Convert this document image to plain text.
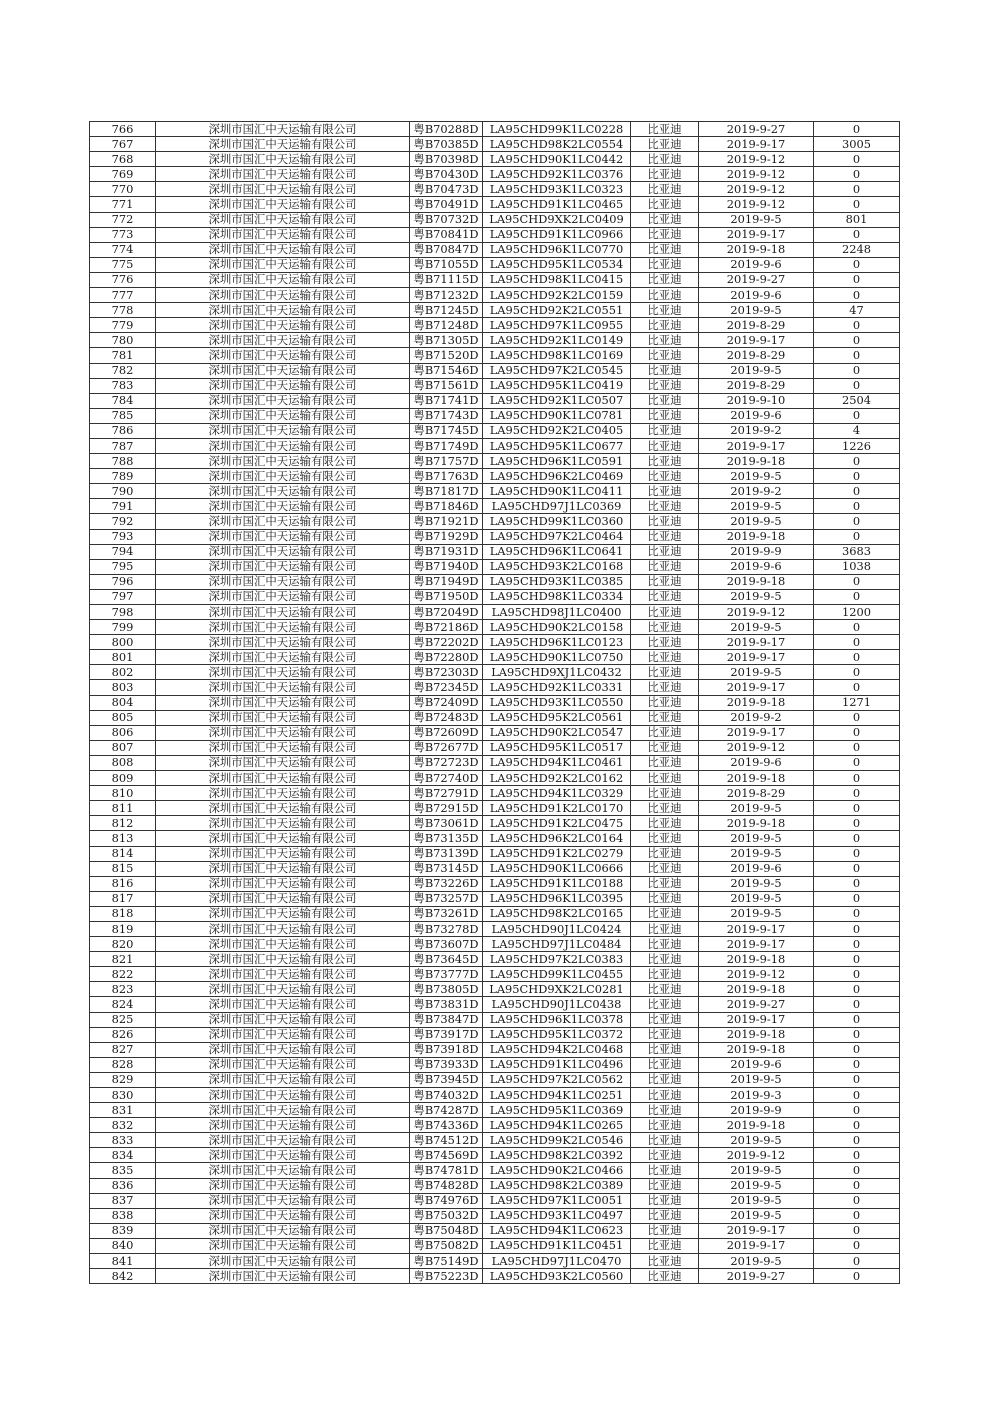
766	深圳市国汇中天运输有限公司	粤B70288D	LA95CHD99K1LC0228	比亚迪	2019-9-27	0
767	深圳市国汇中天运输有限公司	粤B70385D	LA95CHD98K2LC0554	比亚迪	2019-9-17	3005
768	深圳市国汇中天运输有限公司	粤B70398D	LA95CHD90K1LC0442	比亚迪	2019-9-12	0
769	深圳市国汇中天运输有限公司	粤B70430D	LA95CHD92K1LC0376	比亚迪	2019-9-12	0
770	深圳市国汇中天运输有限公司	粤B70473D	LA95CHD93K1LC0323	比亚迪	2019-9-12	0
771	深圳市国汇中天运输有限公司	粤B70491D	LA95CHD91K1LC0465	比亚迪	2019-9-12	0
772	深圳市国汇中天运输有限公司	粤B70732D	LA95CHD9XK2LC0409	比亚迪	2019-9-5	801
773	深圳市国汇中天运输有限公司	粤B70841D	LA95CHD91K1LC0966	比亚迪	2019-9-17	0
774	深圳市国汇中天运输有限公司	粤B70847D	LA95CHD96K1LC0770	比亚迪	2019-9-18	2248
775	深圳市国汇中天运输有限公司	粤B71055D	LA95CHD95K1LC0534	比亚迪	2019-9-6	0
776	深圳市国汇中天运输有限公司	粤B71115D	LA95CHD98K1LC0415	比亚迪	2019-9-27	0
777	深圳市国汇中天运输有限公司	粤B71232D	LA95CHD92K2LC0159	比亚迪	2019-9-6	0
778	深圳市国汇中天运输有限公司	粤B71245D	LA95CHD92K2LC0551	比亚迪	2019-9-5	47
779	深圳市国汇中天运输有限公司	粤B71248D	LA95CHD97K1LC0955	比亚迪	2019-8-29	0
780	深圳市国汇中天运输有限公司	粤B71305D	LA95CHD92K1LC0149	比亚迪	2019-9-17	0
781	深圳市国汇中天运输有限公司	粤B71520D	LA95CHD98K1LC0169	比亚迪	2019-8-29	0
782	深圳市国汇中天运输有限公司	粤B71546D	LA95CHD97K2LC0545	比亚迪	2019-9-5	0
783	深圳市国汇中天运输有限公司	粤B71561D	LA95CHD95K1LC0419	比亚迪	2019-8-29	0
784	深圳市国汇中天运输有限公司	粤B71741D	LA95CHD92K1LC0507	比亚迪	2019-9-10	2504
785	深圳市国汇中天运输有限公司	粤B71743D	LA95CHD90K1LC0781	比亚迪	2019-9-6	0
786	深圳市国汇中天运输有限公司	粤B71745D	LA95CHD92K2LC0405	比亚迪	2019-9-2	4
787	深圳市国汇中天运输有限公司	粤B71749D	LA95CHD95K1LC0677	比亚迪	2019-9-17	1226
788	深圳市国汇中天运输有限公司	粤B71757D	LA95CHD96K1LC0591	比亚迪	2019-9-18	0
789	深圳市国汇中天运输有限公司	粤B71763D	LA95CHD96K2LC0469	比亚迪	2019-9-5	0
790	深圳市国汇中天运输有限公司	粤B71817D	LA95CHD90K1LC0411	比亚迪	2019-9-2	0
791	深圳市国汇中天运输有限公司	粤B71846D	LA95CHD97J1LC0369	比亚迪	2019-9-5	0
792	深圳市国汇中天运输有限公司	粤B71921D	LA95CHD99K1LC0360	比亚迪	2019-9-5	0
793	深圳市国汇中天运输有限公司	粤B71929D	LA95CHD97K2LC0464	比亚迪	2019-9-18	0
794	深圳市国汇中天运输有限公司	粤B71931D	LA95CHD96K1LC0641	比亚迪	2019-9-9	3683
795	深圳市国汇中天运输有限公司	粤B71940D	LA95CHD93K2LC0168	比亚迪	2019-9-6	1038
796	深圳市国汇中天运输有限公司	粤B71949D	LA95CHD93K1LC0385	比亚迪	2019-9-18	0
797	深圳市国汇中天运输有限公司	粤B71950D	LA95CHD98K1LC0334	比亚迪	2019-9-5	0
798	深圳市国汇中天运输有限公司	粤B72049D	LA95CHD98J1LC0400	比亚迪	2019-9-12	1200
799	深圳市国汇中天运输有限公司	粤B72186D	LA95CHD90K2LC0158	比亚迪	2019-9-5	0
800	深圳市国汇中天运输有限公司	粤B72202D	LA95CHD96K1LC0123	比亚迪	2019-9-17	0
801	深圳市国汇中天运输有限公司	粤B72280D	LA95CHD90K1LC0750	比亚迪	2019-9-17	0
802	深圳市国汇中天运输有限公司	粤B72303D	LA95CHD9XJ1LC0432	比亚迪	2019-9-5	0
803	深圳市国汇中天运输有限公司	粤B72345D	LA95CHD92K1LC0331	比亚迪	2019-9-17	0
804	深圳市国汇中天运输有限公司	粤B72409D	LA95CHD93K1LC0550	比亚迪	2019-9-18	1271
805	深圳市国汇中天运输有限公司	粤B72483D	LA95CHD95K2LC0561	比亚迪	2019-9-2	0
806	深圳市国汇中天运输有限公司	粤B72609D	LA95CHD90K2LC0547	比亚迪	2019-9-17	0
807	深圳市国汇中天运输有限公司	粤B72677D	LA95CHD95K1LC0517	比亚迪	2019-9-12	0
808	深圳市国汇中天运输有限公司	粤B72723D	LA95CHD94K1LC0461	比亚迪	2019-9-6	0
809	深圳市国汇中天运输有限公司	粤B72740D	LA95CHD92K2LC0162	比亚迪	2019-9-18	0
810	深圳市国汇中天运输有限公司	粤B72791D	LA95CHD94K1LC0329	比亚迪	2019-8-29	0
811	深圳市国汇中天运输有限公司	粤B72915D	LA95CHD91K2LC0170	比亚迪	2019-9-5	0
812	深圳市国汇中天运输有限公司	粤B73061D	LA95CHD91K2LC0475	比亚迪	2019-9-18	0
813	深圳市国汇中天运输有限公司	粤B73135D	LA95CHD96K2LC0164	比亚迪	2019-9-5	0
814	深圳市国汇中天运输有限公司	粤B73139D	LA95CHD91K2LC0279	比亚迪	2019-9-5	0
815	深圳市国汇中天运输有限公司	粤B73145D	LA95CHD90K1LC0666	比亚迪	2019-9-6	0
816	深圳市国汇中天运输有限公司	粤B73226D	LA95CHD91K1LC0188	比亚迪	2019-9-5	0
817	深圳市国汇中天运输有限公司	粤B73257D	LA95CHD96K1LC0395	比亚迪	2019-9-5	0
818	深圳市国汇中天运输有限公司	粤B73261D	LA95CHD98K2LC0165	比亚迪	2019-9-5	0
819	深圳市国汇中天运输有限公司	粤B73278D	LA95CHD90J1LC0424	比亚迪	2019-9-17	0
820	深圳市国汇中天运输有限公司	粤B73607D	LA95CHD97J1LC0484	比亚迪	2019-9-17	0
821	深圳市国汇中天运输有限公司	粤B73645D	LA95CHD97K2LC0383	比亚迪	2019-9-18	0
822	深圳市国汇中天运输有限公司	粤B73777D	LA95CHD99K1LC0455	比亚迪	2019-9-12	0
823	深圳市国汇中天运输有限公司	粤B73805D	LA95CHD9XK2LC0281	比亚迪	2019-9-18	0
824	深圳市国汇中天运输有限公司	粤B73831D	LA95CHD90J1LC0438	比亚迪	2019-9-27	0
825	深圳市国汇中天运输有限公司	粤B73847D	LA95CHD96K1LC0378	比亚迪	2019-9-17	0
826	深圳市国汇中天运输有限公司	粤B73917D	LA95CHD95K1LC0372	比亚迪	2019-9-18	0
827	深圳市国汇中天运输有限公司	粤B73918D	LA95CHD94K2LC0468	比亚迪	2019-9-18	0
828	深圳市国汇中天运输有限公司	粤B73933D	LA95CHD91K1LC0496	比亚迪	2019-9-6	0
829	深圳市国汇中天运输有限公司	粤B73945D	LA95CHD97K2LC0562	比亚迪	2019-9-5	0
830	深圳市国汇中天运输有限公司	粤B74032D	LA95CHD94K1LC0251	比亚迪	2019-9-3	0
831	深圳市国汇中天运输有限公司	粤B74287D	LA95CHD95K1LC0369	比亚迪	2019-9-9	0
832	深圳市国汇中天运输有限公司	粤B74336D	LA95CHD94K1LC0265	比亚迪	2019-9-18	0
833	深圳市国汇中天运输有限公司	粤B74512D	LA95CHD99K2LC0546	比亚迪	2019-9-5	0
834	深圳市国汇中天运输有限公司	粤B74569D	LA95CHD98K2LC0392	比亚迪	2019-9-12	0
835	深圳市国汇中天运输有限公司	粤B74781D	LA95CHD90K2LC0466	比亚迪	2019-9-5	0
836	深圳市国汇中天运输有限公司	粤B74828D	LA95CHD98K2LC0389	比亚迪	2019-9-5	0
837	深圳市国汇中天运输有限公司	粤B74976D	LA95CHD97K1LC0051	比亚迪	2019-9-5	0
838	深圳市国汇中天运输有限公司	粤B75032D	LA95CHD93K1LC0497	比亚迪	2019-9-5	0
839	深圳市国汇中天运输有限公司	粤B75048D	LA95CHD94K1LC0623	比亚迪	2019-9-17	0
840	深圳市国汇中天运输有限公司	粤B75082D	LA95CHD91K1LC0451	比亚迪	2019-9-17	0
841	深圳市国汇中天运输有限公司	粤B75149D	LA95CHD97J1LC0470	比亚迪	2019-9-5	0
842	深圳市国汇中天运输有限公司	粤B75223D	LA95CHD93K2LC0560	比亚迪	2019-9-27	0
